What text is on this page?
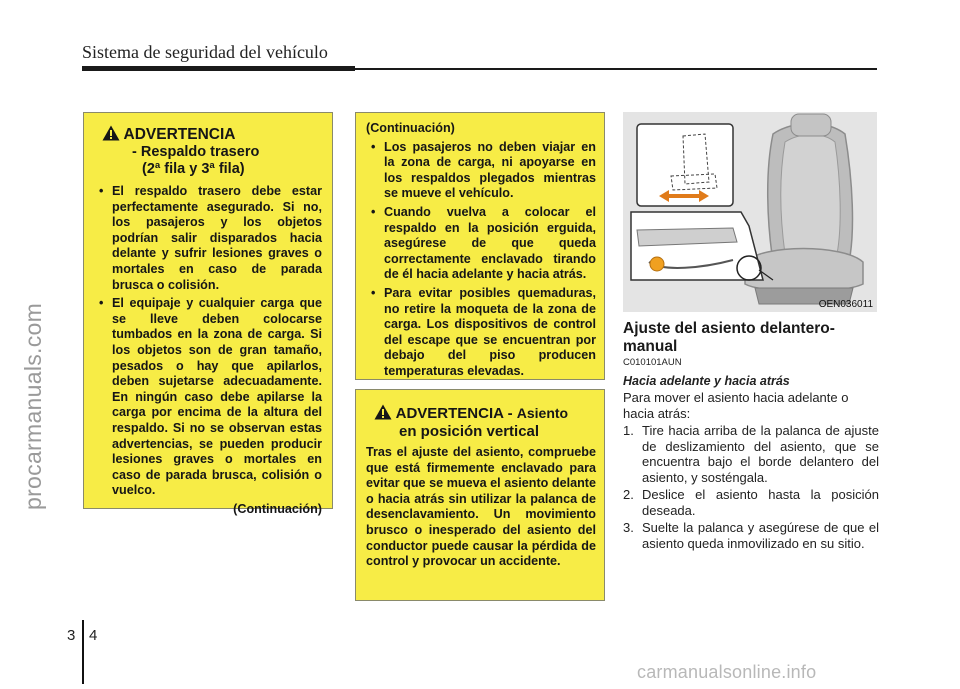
Sistema de seguridad del vehículo
procarmanuals.com
ADVERTENCIA
- Respaldo trasero
(2ª fila y 3ª fila)
• El respaldo trasero debe estar perfectamente asegurado. Si no, los pasajeros y los objetos podrían salir disparados hacia delante y sufrir lesiones graves o mortales en caso de parada brusca o colisión.
• El equipaje y cualquier carga que se lleve deben colocarse tumbados en la zona de carga. Si los objetos son de gran tamaño, pesados o hay que apilarlos, deben sujetarse adecuadamente. En ningún caso debe apilarse la carga por encima de la altura del respaldo. Si no se observan estas advertencias, se pueden producir lesiones graves o mortales en caso de parada brusca, colisión o vuelco.
(Continuación)
(Continuación)
• Los pasajeros no deben viajar en la zona de carga, ni apoyarse en los respaldos plegados mientras se mueve el vehículo.
• Cuando vuelva a colocar el respaldo en la posición erguida, asegúrese de que queda correctamente enclavado tirando de él hacia adelante y hacia atrás.
• Para evitar posibles quemaduras, no retire la moqueta de la zona de carga. Los dispositivos de control del escape que se encuentran por debajo del piso producen temperaturas elevadas.
ADVERTENCIA - Asiento
en posición vertical
Tras el ajuste del asiento, compruebe que está firmemente enclavado para evitar que se mueva el asiento delante o hacia atrás sin utilizar la palanca de desenclavamiento. Un movimiento brusco o inesperado del asiento del conductor puede causar la pérdida de control y provocar un accidente.
OEN036011
Ajuste del asiento delantero-manual
C010101AUN
Hacia adelante y hacia atrás
Para mover el asiento hacia adelante o hacia atrás:
1. Tire hacia arriba de la palanca de ajuste de deslizamiento del asiento, que se encuentra bajo el borde delantero del asiento, y sosténgala.
2. Deslice el asiento hasta la posición deseada.
3. Suelte la palanca y asegúrese de que el asiento queda inmovilizado en su sitio.
3 4
carmanualsonline.info
